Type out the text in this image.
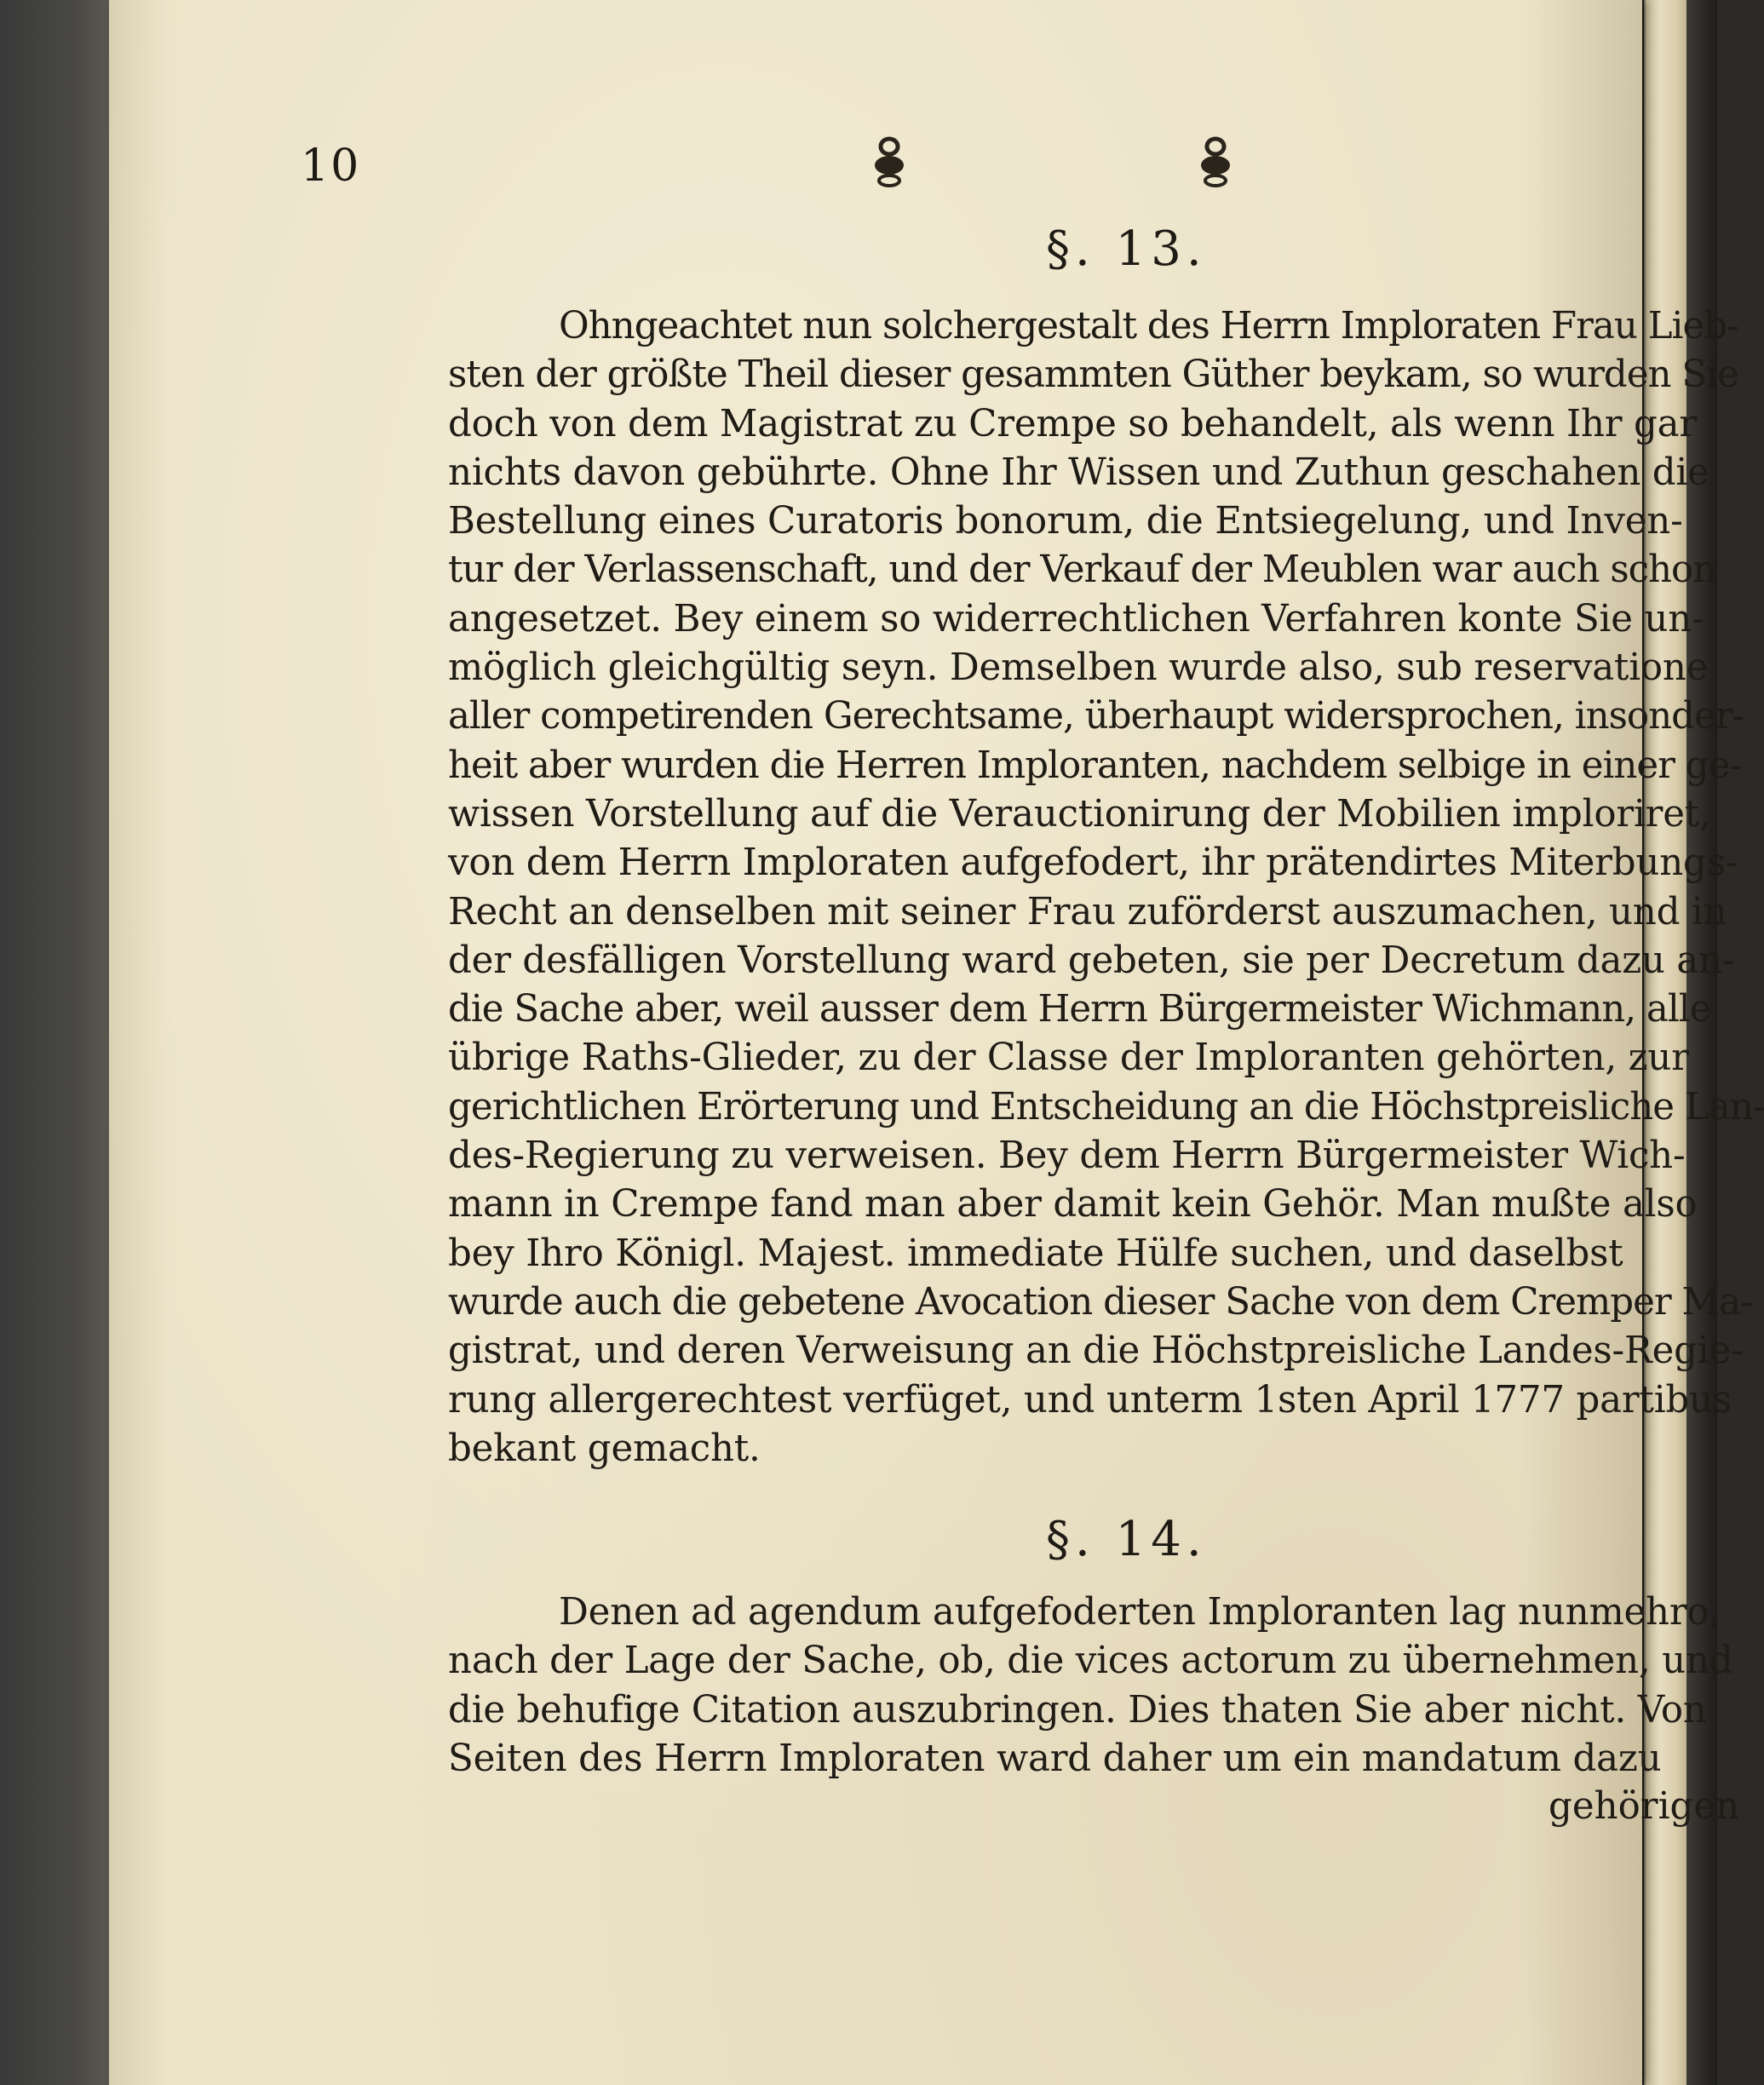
10
§. 13.
Ohngeachtet nun solchergestalt des Herrn Imploraten Frau Lieb-
sten der größte Theil dieser gesammten Güther beykam, so wurden Sie
doch von dem Magistrat zu Crempe so behandelt, als wenn Ihr gar
nichts davon gebührte. Ohne Ihr Wissen und Zuthun geschahen die
Bestellung eines Curatoris bonorum, die Entsiegelung, und Inven-
tur der Verlassenschaft, und der Verkauf der Meublen war auch schon
angesetzet. Bey einem so widerrechtlichen Verfahren konte Sie un-
möglich gleichgültig seyn. Demselben wurde also, sub reservatione
aller competirenden Gerechtsame, überhaupt widersprochen, insonder-
heit aber wurden die Herren Imploranten, nachdem selbige in einer ge-
wissen Vorstellung auf die Verauctionirung der Mobilien imploriret,
von dem Herrn Imploraten aufgefodert, ihr prätendirtes Miterbungs-
Recht an denselben mit seiner Frau zuförderst auszumachen, und in
der desfälligen Vorstellung ward gebeten, sie per Decretum dazu an-
die Sache aber, weil ausser dem Herrn Bürgermeister Wichmann, alle
übrige Raths-Glieder, zu der Classe der Imploranten gehörten, zur
gerichtlichen Erörterung und Entscheidung an die Höchstpreisliche Lan-
des-Regierung zu verweisen. Bey dem Herrn Bürgermeister Wich-
mann in Crempe fand man aber damit kein Gehör. Man mußte also
bey Ihro Königl. Majest. immediate Hülfe suchen, und daselbst
wurde auch die gebetene Avocation dieser Sache von dem Cremper Ma-
gistrat, und deren Verweisung an die Höchstpreisliche Landes-Regie-
rung allergerechtest verfüget, und unterm 1sten April 1777 partibus
bekant gemacht.
§. 14.
Denen ad agendum aufgefoderten Imploranten lag nunmehro,
nach der Lage der Sache, ob, die vices actorum zu übernehmen, und
die behufige Citation auszubringen. Dies thaten Sie aber nicht. Von
Seiten des Herrn Imploraten ward daher um ein mandatum dazu
gehörigen
